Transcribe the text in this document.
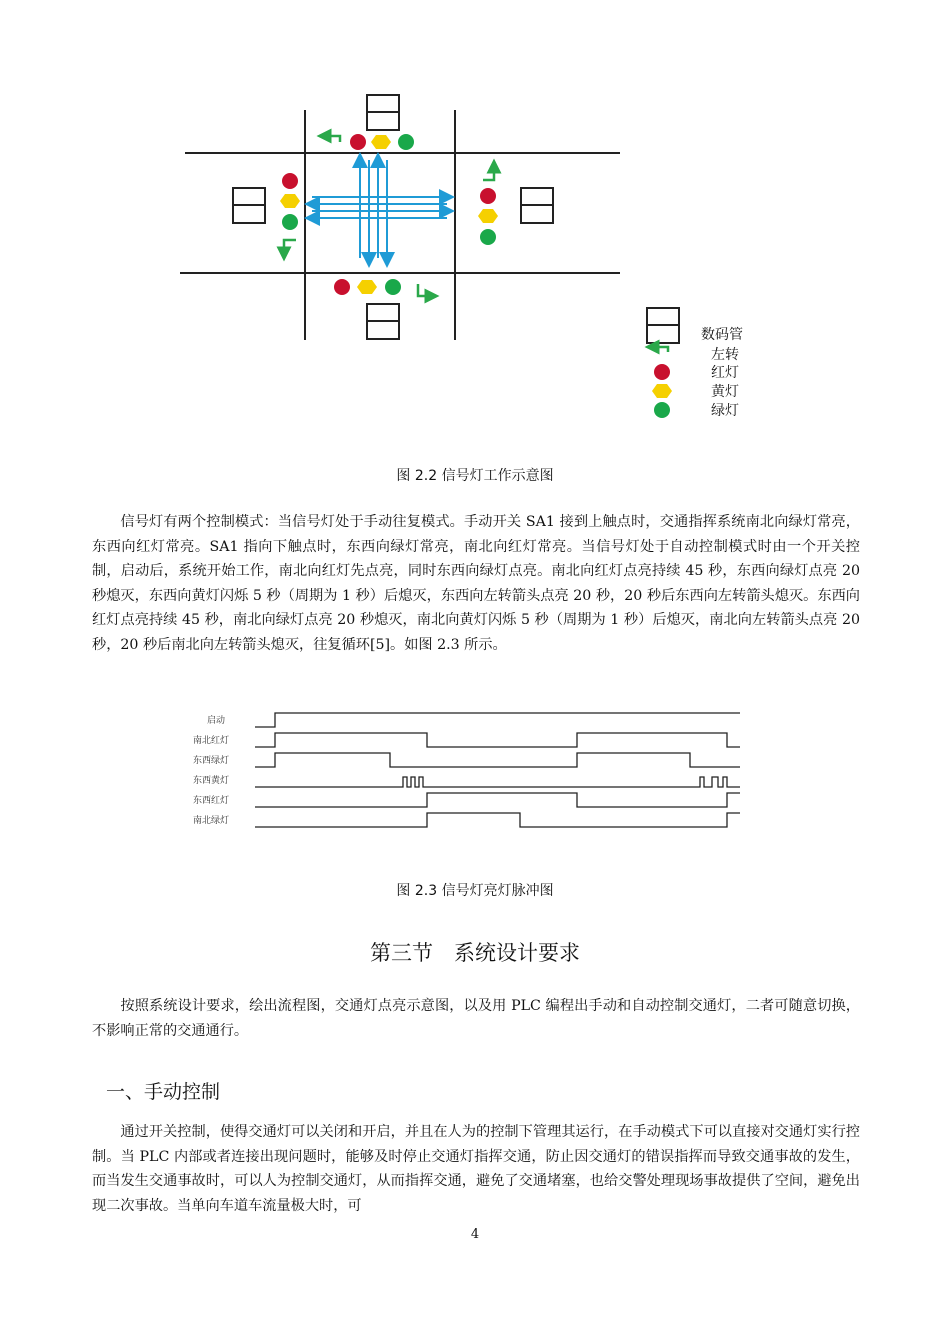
数码管
左转
红灯
黄灯
绿灯
图 2.2 信号灯工作示意图

信号灯有两个控制模式：当信号灯处于手动往复模式。手动开关 SA1 接到上触点时，交通指挥系统南北向绿灯常亮，东西向红灯常亮。SA1 指向下触点时，东西向绿灯常亮，南北向红灯常亮。当信号灯处于自动控制模式时由一个开关控制，启动后，系统开始工作，南北向红灯先点亮，同时东西向绿灯点亮。南北向红灯点亮持续 45 秒，东西向绿灯点亮 20 秒熄灭，东西向黄灯闪烁 5 秒（周期为 1 秒）后熄灭，东西向左转箭头点亮 20 秒，20 秒后东西向左转箭头熄灭。东西向红灯点亮持续 45 秒，南北向绿灯点亮 20 秒熄灭，南北向黄灯闪烁 5 秒（周期为 1 秒）后熄灭，南北向左转箭头点亮 20 秒，20 秒后南北向左转箭头熄灭，往复循环[5]。如图 2.3 所示。

启动
南北红灯
东西绿灯
东西黄灯
东西红灯
南北绿灯
图 2.3 信号灯亮灯脉冲图
第三节　系统设计要求

按照系统设计要求，绘出流程图，交通灯点亮示意图，以及用 PLC 编程出手动和自动控制交通灯，二者可随意切换，不影响正常的交通通行。

一、手动控制

通过开关控制，使得交通灯可以关闭和开启，并且在人为的控制下管理其运行，在手动模式下可以直接对交通灯实行控制。当 PLC 内部或者连接出现问题时，能够及时停止交通灯指挥交通，防止因交通灯的错误指挥而导致交通事故的发生，而当发生交通事故时，可以人为控制交通灯，从而指挥交通，避免了交通堵塞，也给交警处理现场事故提供了空间，避免出现二次事故。当单向车道车流量极大时，可

4
